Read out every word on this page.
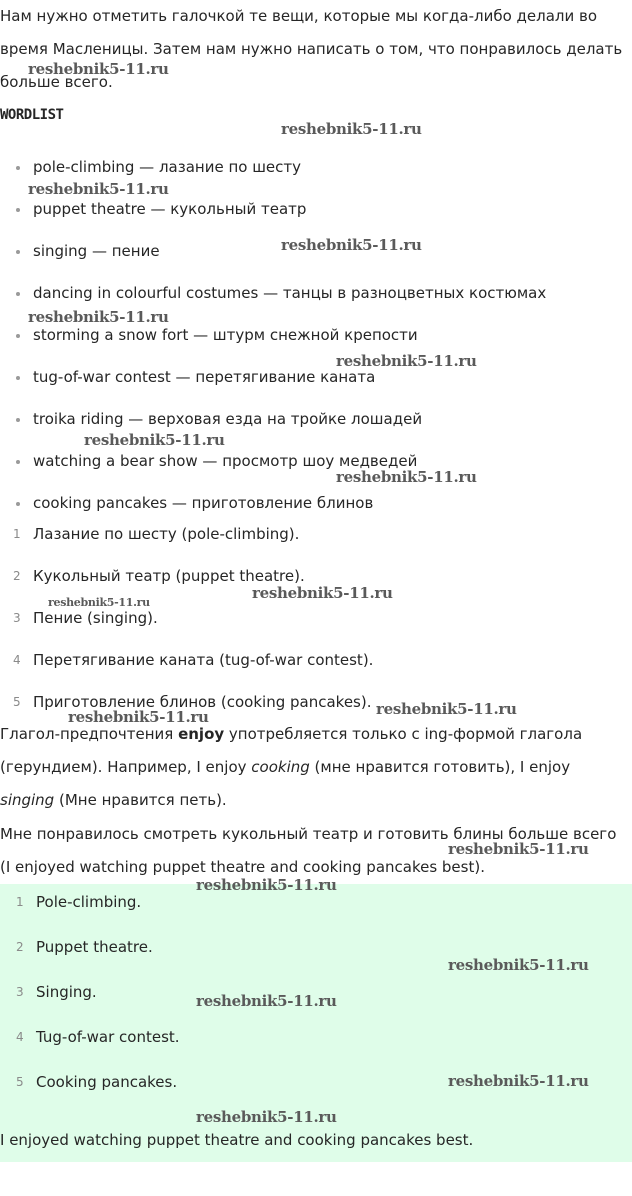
Нам нужно отметить галочкой те вещи, которые мы когда-либо делали во время Масленицы. Затем нам нужно написать о том, что понравилось делать больше всего.

WORDLIST
pole-climbing — лазание по шесту
puppet theatre — кукольный театр
singing — пение
dancing in colourful costumes — танцы в разноцветных костюмах
storming a snow fort — штурм снежной крепости
tug-of-war contest — перетягивание каната
troika riding — верховая езда на тройке лошадей
watching a bear show — просмотр шоу медведей
cooking pancakes — приготовление блинов
1 Лазание по шесту (pole-climbing).
2 Кукольный театр (puppet theatre).
3 Пение (singing).
4 Перетягивание каната (tug-of-war contest).
5 Приготовление блинов (cooking pancakes).

Глагол-предпочтения enjoy употребляется только с ing-формой глагола (герундием). Например, I enjoy cooking (мне нравится готовить), I enjoy singing (Мне нравится петь).

Мне понравилось смотреть кукольный театр и готовить блины больше всего (I enjoyed watching puppet theatre and cooking pancakes best).

1 Pole-climbing.
2 Puppet theatre.
3 Singing.
4 Tug-of-war contest.
5 Cooking pancakes.

I enjoyed watching puppet theatre and cooking pancakes best.

reshebnik5-11.ru
reshebnik5-11.ru
reshebnik5-11.ru
reshebnik5-11.ru
reshebnik5-11.ru
reshebnik5-11.ru
reshebnik5-11.ru
reshebnik5-11.ru
reshebnik5-11.ru
reshebnik5-11.ru
reshebnik5-11.ru
reshebnik5-11.ru
reshebnik5-11.ru
reshebnik5-11.ru
reshebnik5-11.ru
reshebnik5-11.ru
reshebnik5-11.ru
reshebnik5-11.ru
